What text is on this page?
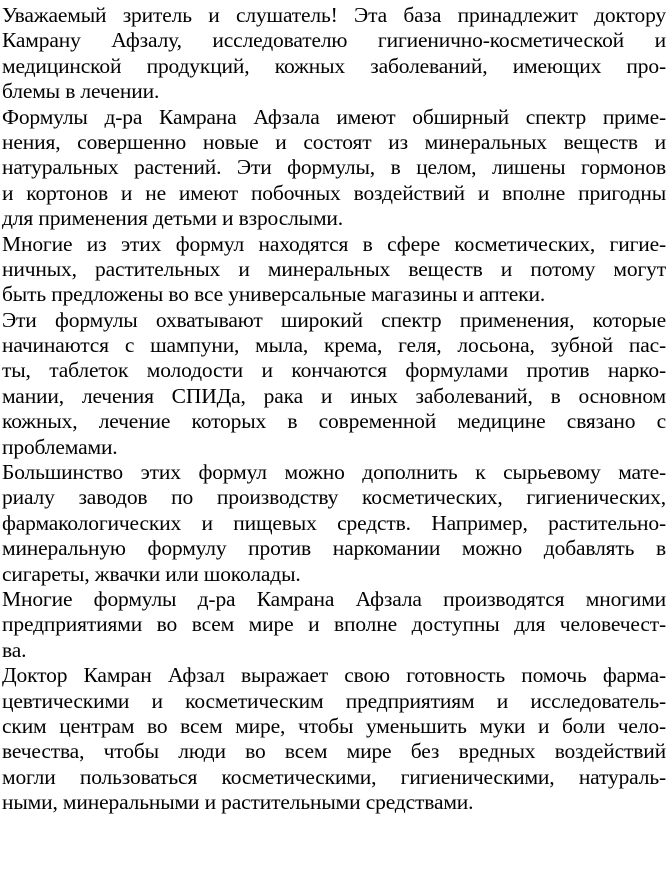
Уважаемый зритель и слушатель! Эта база принадлежит доктору
Камрану Афзалу, исследователю гигиенично-косметической и
медицинской продукций, кожных заболеваний, имеющих про-
блемы в лечении.
Формулы д-ра Камрана Афзала имеют обширный спектр приме-
нения, совершенно новые и состоят из минеральных веществ и
натуральных растений. Эти формулы, в целом, лишены гормонов
и кортонов и не имеют побочных воздействий и вполне пригодны
для применения детьми и взрослыми.
Многие из этих формул находятся в сфере косметических, гигие-
ничных, растительных и минеральных веществ и потому могут
быть предложены во все универсальные магазины и аптеки.
Эти формулы охватывают широкий спектр применения, которые
начинаются с шампуни, мыла, крема, геля, лосьона, зубной пас-
ты, таблеток молодости и кончаются формулами против нарко-
мании, лечения СПИДа, рака и иных заболеваний, в основном
кожных, лечение которых в современной медицине связано с
проблемами.
Большинство этих формул можно дополнить к сырьевому мате-
риалу заводов по производству косметических, гигиенических,
фармакологических и пищевых средств. Например, растительно-
минеральную формулу против наркомании можно добавлять в
сигареты, жвачки или шоколады.
Многие формулы д-ра Камрана Афзала производятся многими
предприятиями во всем мире и вполне доступны для человечест-
ва.
Доктор Камран Афзал выражает свою готовность помочь фарма-
цевтическими и косметическим предприятиям и исследователь-
ским центрам во всем мире, чтобы уменьшить муки и боли чело-
вечества, чтобы люди во всем мире без вредных воздействий
могли пользоваться косметическими, гигиеническими, натураль-
ными, минеральными и растительными средствами.
